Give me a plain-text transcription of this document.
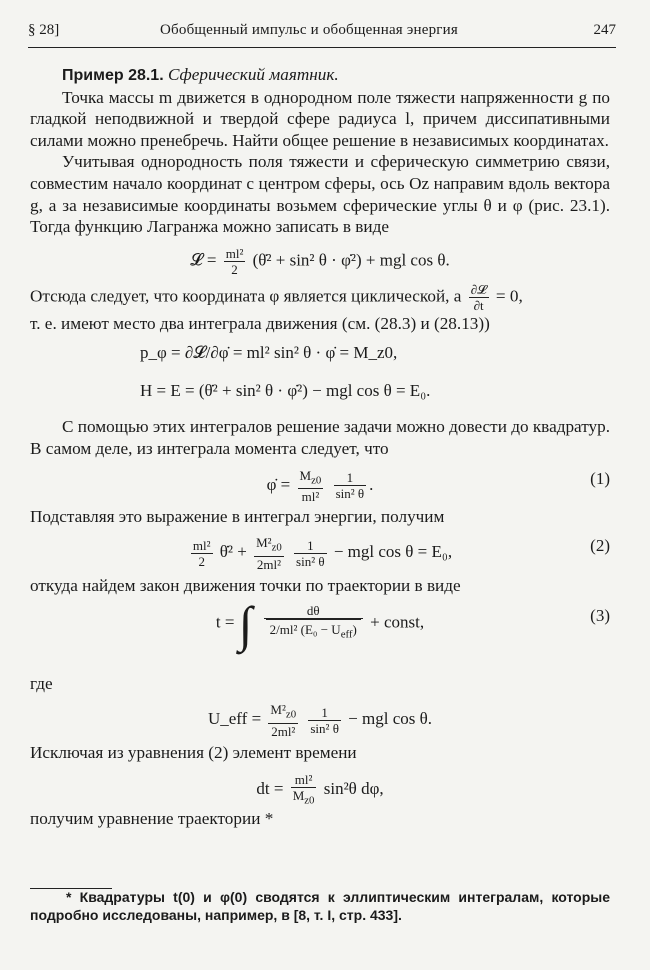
§ 28]	Обобщенный импульс и обобщенная энергия	247

Пример 28.1. Сферический маятник.

Точка массы m движется в однородном поле тяжести напряженности g по гладкой неподвижной и твердой сфере радиуса l, причем диссипативными силами можно пренебречь. Найти общее решение в независимых координатах.

Учитывая однородность поля тяжести и сферическую симметрию связи, совместим начало координат с центром сферы, ось Oz направим вдоль вектора g, а за независимые координаты возьмем сферические углы θ и φ (рис. 23.1). Тогда функцию Лагранжа можно записать в виде

𝓛 = $\frac{\text{ml²}}{2}$ (θ̇² + sin² θ · φ̇²) + mgl cos θ.

Отсюда следует, что координата φ является циклической, а $\frac{\text{∂𝓛}}{\partial t} = 0$,
т. е. имеют место два интеграла движения (см. (28.3) и (28.13))

p_φ = ∂𝓛/∂φ̇ = ml² sin² θ · φ̇ = M_z0,
H = E = (θ̇² + sin² θ · φ̇²) − mgl cos θ = E₀.

С помощью этих интегралов решение задачи можно довести до квадратур. В самом деле, из интеграла момента следует, что

φ̇ = $\frac{M_{z0}}{\text{ml²}}$
$\frac{1}{\text{sin² θ}}$ .	(1)

Подставляя это выражение в интеграл энергии, получим

$\frac{\text{ml²}}{2}$ θ̇² + $\frac{M^2_{z0}}{\text{2ml²}}$
$\frac{1}{\text{sin² θ}}$ − mgl cos θ = E₀,	(2)

откуда найдем закон движения точки по траектории в виде

t = ∫ $\frac{d\theta}{2/ml^2 (E_0 - U_{eff})}$ + const,	(3)

где

U_eff = $\frac{M^2_{z0}}{\text{2ml²}}$
$\frac{1}{\text{sin² θ}}$ − mgl cos θ.

Исключая из уравнения (2) элемент времени

dt = $\frac{\text{ml²}}{M_{z0}} \sin^2\theta$ dφ,

получим уравнение траектории *

* Квадратуры t(0) и φ(0) сводятся к эллиптическим интегралам, которые подробно исследованы, например, в [8, т. I, стр. 433].
